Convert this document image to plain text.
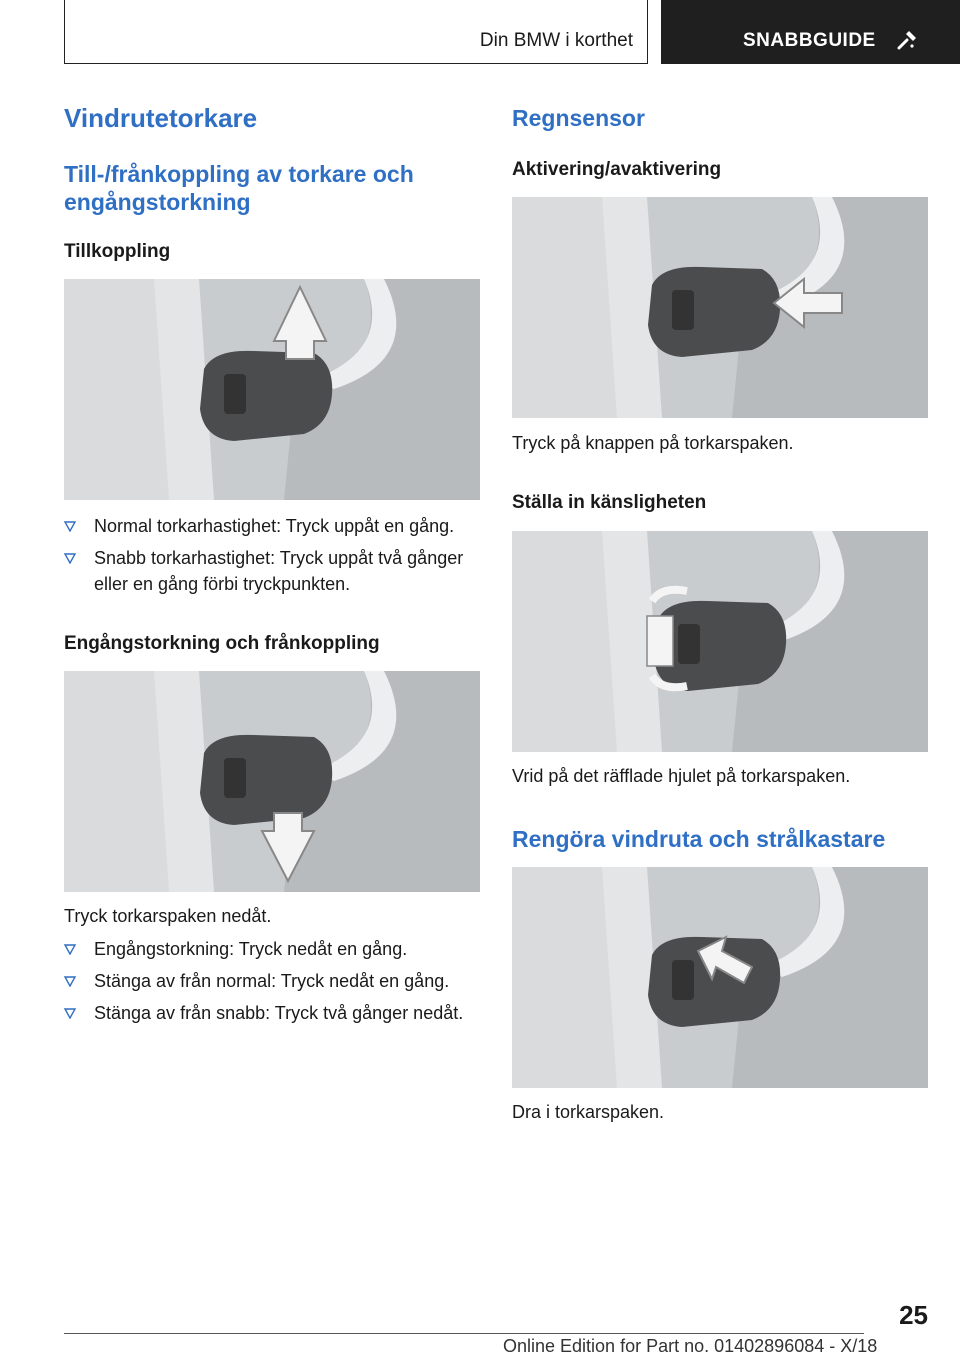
Din BMW i korthet	SNABBGUIDE
Vindrutetorkare
Till-/frånkoppling av torkare och
engångstorkning
Tillkoppling
Normal torkarhastighet: Tryck uppåt en gång.
Snabb torkarhastighet: Tryck uppåt två gånger eller en gång förbi tryckpunkten.
Engångstorkning och frånkoppling

Tryck torkarspaken nedåt.

Engångstorkning: Tryck nedåt en gång.
Stänga av från normal: Tryck nedåt en gång.
Stänga av från snabb: Tryck två gånger nedåt.
Regnsensor
Aktivering/avaktivering

Tryck på knappen på torkarspaken.

Ställa in känsligheten

Vrid på det räfflade hjulet på torkarspaken.

Rengöra vindruta och strålkastare

Dra i torkarspaken.

25
Online Edition for Part no. 01402896084 - X/18
